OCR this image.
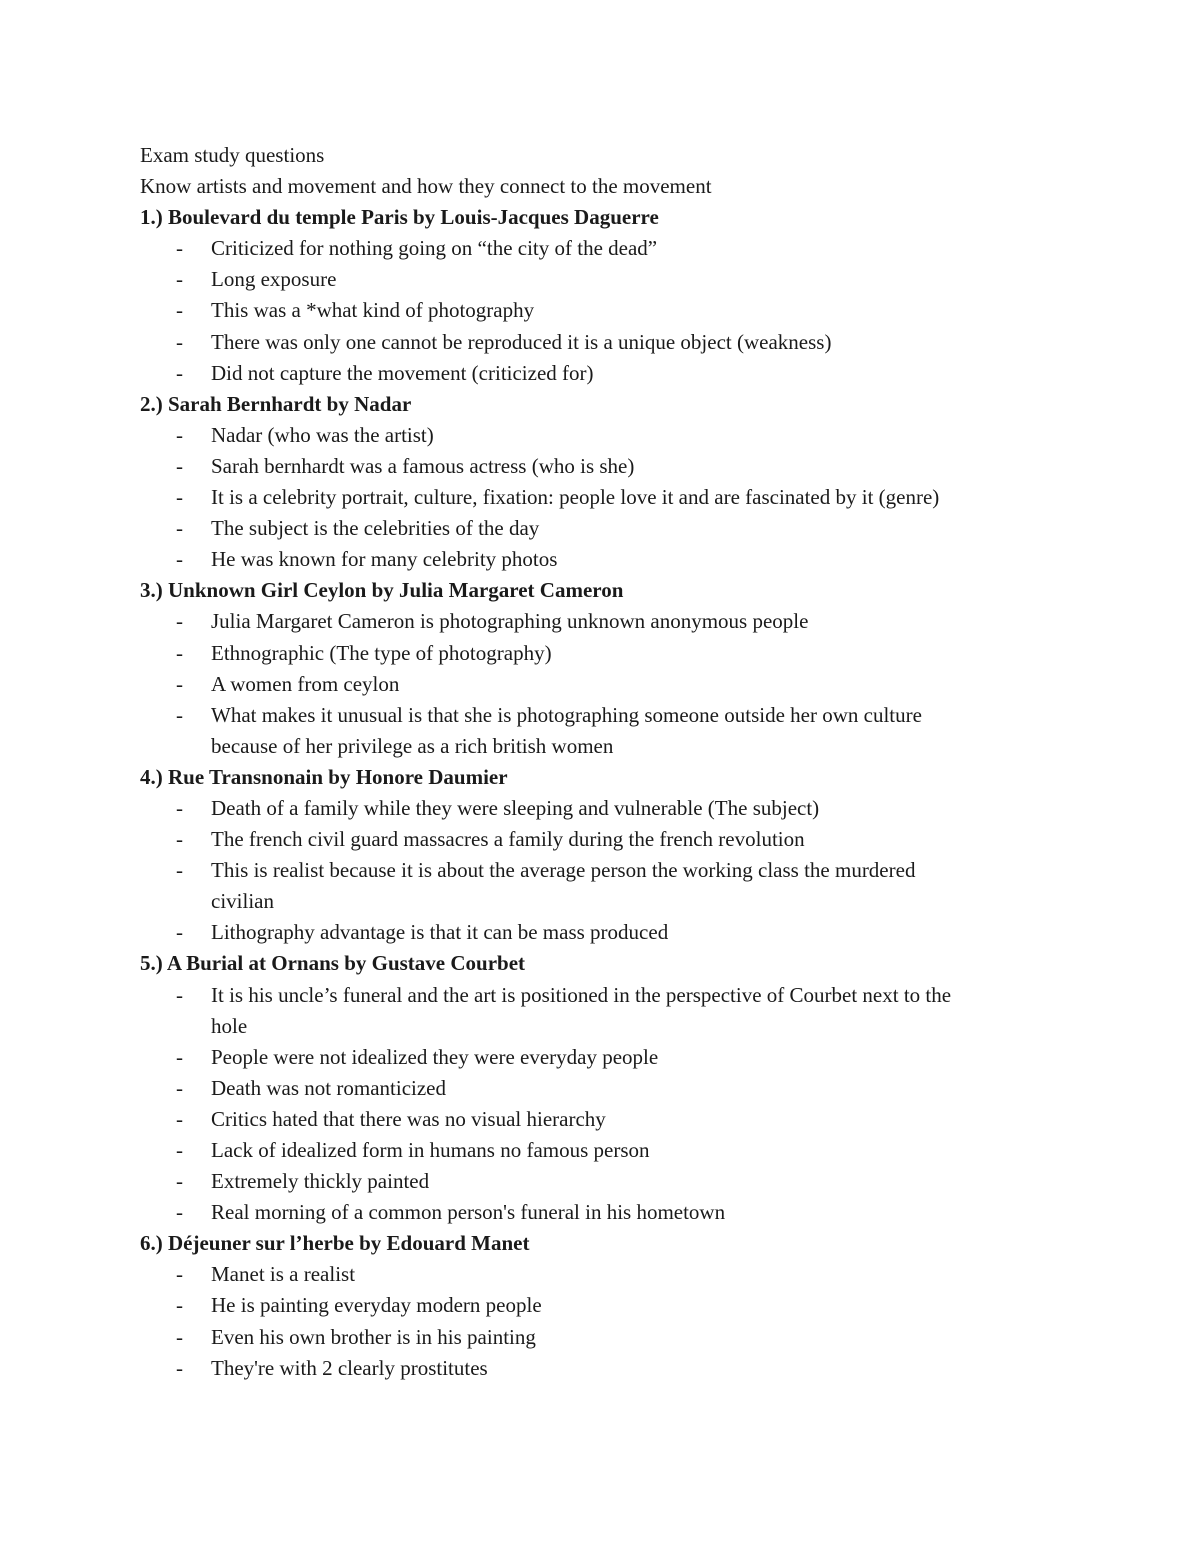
Exam study questions

Know artists and movement and how they connect to the movement

1.) Boulevard du temple Paris by Louis-Jacques Daguerre

- Criticized for nothing going on “the city of the dead”
- Long exposure
- This was a *what kind of photography
- There was only one cannot be reproduced it is a unique object (weakness)
- Did not capture the movement (criticized for)

2.) Sarah Bernhardt by Nadar

- Nadar (who was the artist)
- Sarah bernhardt was a famous actress (who is she)
- It is a celebrity portrait, culture, fixation: people love it and are fascinated by it (genre)
- The subject is the celebrities of the day
- He was known for many celebrity photos

3.) Unknown Girl Ceylon by Julia Margaret Cameron

- Julia Margaret Cameron is photographing unknown anonymous people
- Ethnographic (The type of photography)
- A women from ceylon
- What makes it unusual is that she is photographing someone outside her own culture
because of her privilege as a rich british women

4.) Rue Transnonain by Honore Daumier

- Death of a family while they were sleeping and vulnerable (The subject)
- The french civil guard massacres a family during the french revolution
- This is realist because it is about the average person the working class the murdered
civilian
- Lithography advantage is that it can be mass produced

5.) A Burial at Ornans by Gustave Courbet

- It is his uncle’s funeral and the art is positioned in the perspective of Courbet next to the
hole
- People were not idealized they were everyday people
- Death was not romanticized
- Critics hated that there was no visual hierarchy
- Lack of idealized form in humans no famous person
- Extremely thickly painted
- Real morning of a common person's funeral in his hometown

6.) Déjeuner sur l’herbe by Edouard Manet

- Manet is a realist
- He is painting everyday modern people
- Even his own brother is in his painting
- They're with 2 clearly prostitutes
